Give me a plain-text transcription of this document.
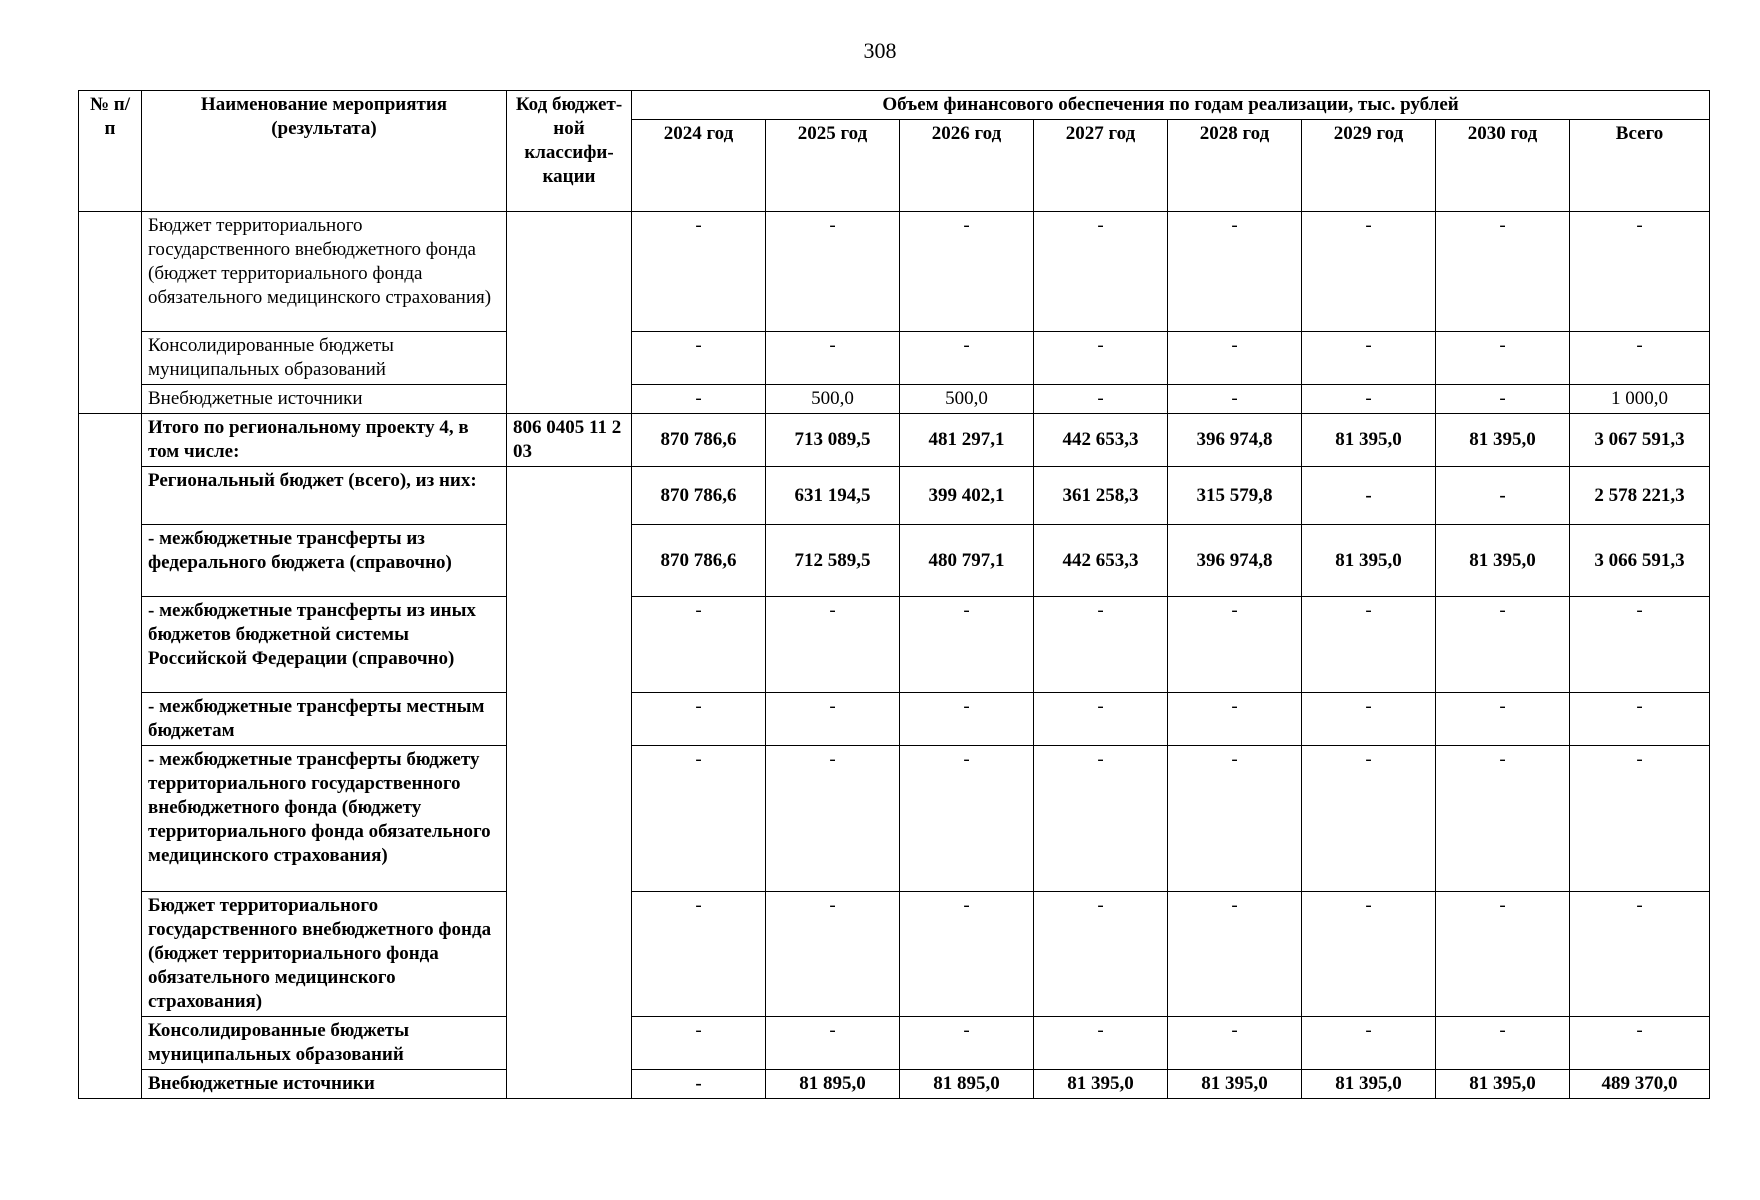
308
№ п/п	Наименование мероприятия (результата)	Код бюджет-ной классифи-кации	Объем финансового обеспечения по годам реализации, тыс. рублей							
			2024 год	2025 год	2026 год	2027 год	2028 год	2029 год	2030 год	Всего
	Бюджет территориального государственного внебюджетного фонда (бюджет территориального фонда обязательного медицинского страхования)		-	-	-	-	-	-	-	-
	Консолидированные бюджеты муниципальных образований		-	-	-	-	-	-	-	-
	Внебюджетные источники		-	500,0	500,0	-	-	-	-	1 000,0
	Итого по региональному проекту 4, в том числе:	806 0405 11 2 03	870 786,6	713 089,5	481 297,1	442 653,3	396 974,8	81 395,0	81 395,0	3 067 591,3
	Региональный бюджет (всего), из них:		870 786,6	631 194,5	399 402,1	361 258,3	315 579,8	-	-	2 578 221,3
	- межбюджетные трансферты из федерального бюджета (справочно)		870 786,6	712 589,5	480 797,1	442 653,3	396 974,8	81 395,0	81 395,0	3 066 591,3
	- межбюджетные трансферты из иных бюджетов бюджетной системы Российской Федерации (справочно)		-	-	-	-	-	-	-	-
	- межбюджетные трансферты местным бюджетам		-	-	-	-	-	-	-	-
	- межбюджетные трансферты бюджету территориального государственного внебюджетного фонда (бюджету территориального фонда обязательного медицинского страхования)		-	-	-	-	-	-	-	-
	Бюджет территориального государственного внебюджетного фонда (бюджет территориального фонда обязательного медицинского страхования)		-	-	-	-	-	-	-	-
	Консолидированные бюджеты муниципальных образований		-	-	-	-	-	-	-	-
	Внебюджетные источники		-	81 895,0	81 895,0	81 395,0	81 395,0	81 395,0	81 395,0	489 370,0
